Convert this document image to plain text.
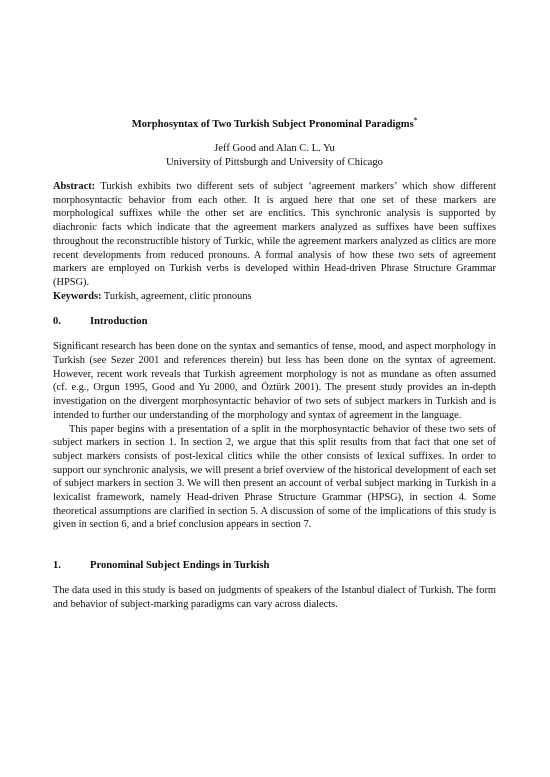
Morphosyntax of Two Turkish Subject Pronominal Paradigms*
Jeff Good and Alan C. L. Yu
University of Pittsburgh and University of Chicago

Abstract: Turkish exhibits two different sets of subject ‘agreement markers’ which show different morphosyntactic behavior from each other. It is argued here that one set of these markers are morphological suffixes while the other set are enclitics. This synchronic analysis is supported by diachronic facts which indicate that the agreement markers analyzed as suffixes have been suffixes throughout the reconstructible history of Turkic, while the agreement markers analyzed as clitics are more recent developments from reduced pronouns. A formal analysis of how these two sets of agreement markers are employed on Turkish verbs is developed within Head-driven Phrase Structure Grammar (HPSG).

Keywords: Turkish, agreement, clitic pronouns

0.	Introduction

Significant research has been done on the syntax and semantics of tense, mood, and aspect morphology in Turkish (see Sezer 2001 and references therein) but less has been done on the syntax of agreement. However, recent work reveals that Turkish agreement morphology is not as mundane as often assumed (cf. e.g., Orgun 1995, Good and Yu 2000, and Öztürk 2001). The present study provides an in-depth investigation on the divergent morphosyntactic behavior of two sets of subject markers in Turkish and is intended to further our understanding of the morphology and syntax of agreement in the language.

This paper begins with a presentation of a split in the morphosyntactic behavior of these two sets of subject markers in section 1. In section 2, we argue that this split results from that fact that one set of subject markers consists of post-lexical clitics while the other consists of lexical suffixes. In order to support our synchronic analysis, we will present a brief overview of the historical development of each set of subject markers in section 3. We will then present an account of verbal subject marking in Turkish in a lexicalist framework, namely Head-driven Phrase Structure Grammar (HPSG), in section 4. Some theoretical assumptions are clarified in section 5. A discussion of some of the implications of this study is given in section 6, and a brief conclusion appears in section 7.

1.	Pronominal Subject Endings in Turkish

The data used in this study is based on judgments of speakers of the Istanbul dialect of Turkish. The form and behavior of subject-marking paradigms can vary across dialects.
